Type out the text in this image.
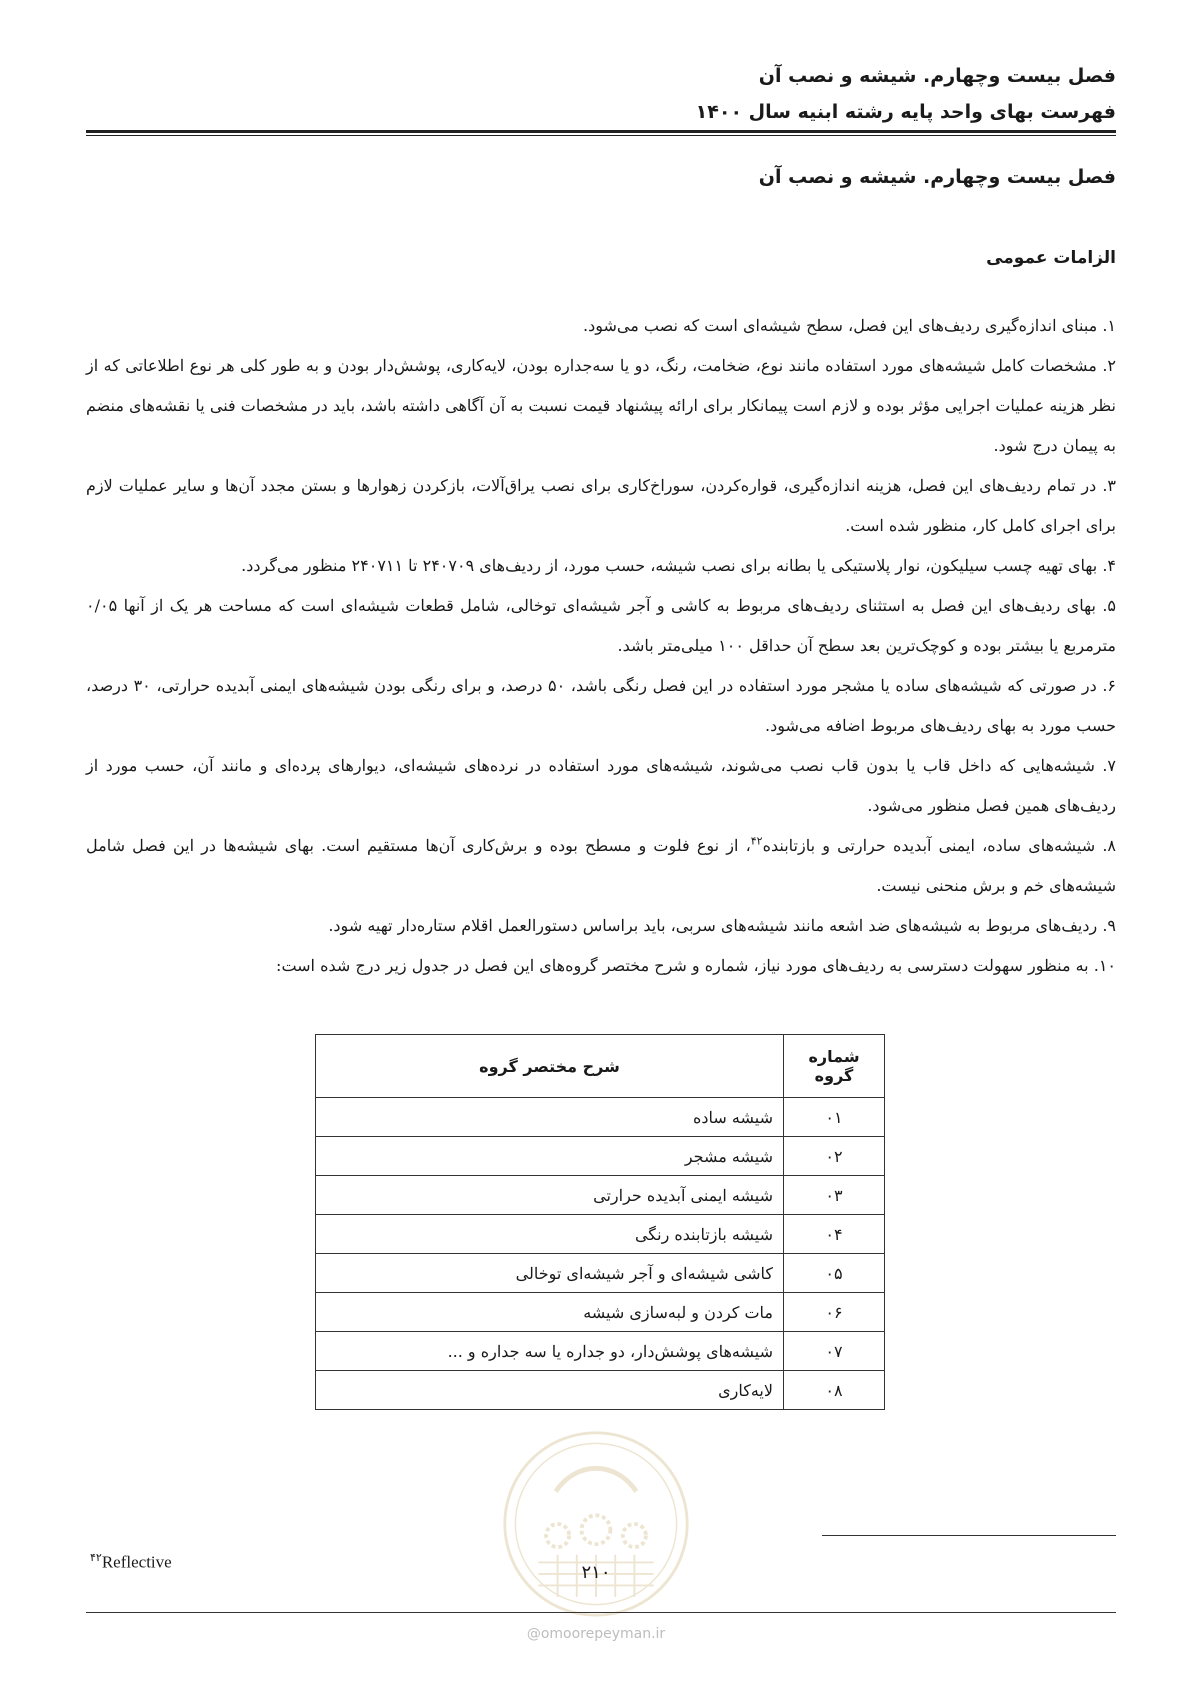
فصل بیست وچهارم. شیشه و نصب آن
فهرست بهای واحد پایه رشته ابنیه سال ۱۴۰۰
فصل بیست وچهارم. شیشه و نصب آن
الزامات عمومی
۱. مبنای اندازه‌گیری ردیف‌های این فصل، سطح شیشه‌ای است که نصب می‌شود.
۲. مشخصات کامل شیشه‌های مورد استفاده مانند نوع، ضخامت، رنگ، دو یا سه‌جداره بودن، لایه‌کاری، پوشش‌دار بودن و به طور کلی هر نوع اطلاعاتی که از نظر هزینه عملیات اجرایی مؤثر بوده و لازم است پیمانکار برای ارائه پیشنهاد قیمت نسبت به آن آگاهی داشته باشد، باید در مشخصات فنی یا نقشه‌های منضم به پیمان درج شود.
۳. در تمام ردیف‌های این فصل، هزینه اندازه‌گیری، قواره‌کردن، سوراخ‌کاری برای نصب یراق‌آلات، بازکردن زهوارها و بستن مجدد آن‌ها و سایر عملیات لازم برای اجرای کامل کار، منظور شده است.
۴. بهای تهیه چسب سیلیکون، نوار پلاستیکی یا بطانه برای نصب شیشه، حسب مورد، از ردیف‌های ۲۴۰۷۰۹ تا ۲۴۰۷۱۱ منظور می‌گردد.
۵. بهای ردیف‌های این فصل به استثنای ردیف‌های مربوط به کاشی و آجر شیشه‌ای توخالی، شامل قطعات شیشه‌ای است که مساحت هر یک از آنها ۰/۰۵ مترمربع یا بیشتر بوده و کوچک‌ترین بعد سطح آن حداقل ۱۰۰ میلی‌متر باشد.
۶. در صورتی که شیشه‌های ساده یا مشجر مورد استفاده در این فصل رنگی باشد، ۵۰ درصد، و برای رنگی بودن شیشه‌های ایمنی آبدیده حرارتی، ۳۰ درصد، حسب مورد به بهای ردیف‌های مربوط اضافه می‌شود.
۷. شیشه‌هایی که داخل قاب یا بدون قاب نصب می‌شوند، شیشه‌های مورد استفاده در نرده‌های شیشه‌ای، دیوارهای پرده‌ای و مانند آن، حسب مورد از ردیف‌های همین فصل منظور می‌شود.
۸. شیشه‌های ساده، ایمنی آبدیده حرارتی و بازتابنده$^{۴۲}$، از نوع فلوت و مسطح بوده و برش‌کاری آن‌ها مستقیم است. بهای شیشه‌ها در این فصل شامل شیشه‌های خم و برش منحنی نیست.
۹. ردیف‌های مربوط به شیشه‌های ضد اشعه مانند شیشه‌های سربی، باید براساس دستورالعمل اقلام ستاره‌دار تهیه شود.
۱۰. به منظور سهولت دسترسی به ردیف‌های مورد نیاز، شماره و شرح مختصر گروه‌های این فصل در جدول زیر درج شده است:
شماره گروه	شرح مختصر گروه
۰۱	شیشه ساده
۰۲	شیشه مشجر
۰۳	شیشه ایمنی آبدیده حرارتی
۰۴	شیشه بازتابنده رنگی
۰۵	کاشی شیشه‌ای و آجر شیشه‌ای توخالی
۰۶	مات کردن و لبه‌سازی شیشه
۰۷	شیشه‌های پوشش‌دار، دو جداره یا سه جداره و ...
۰۸	لایه‌کاری
$^{۴۲}$Reflective	۲۱۰
@omoorepeyman.ir
